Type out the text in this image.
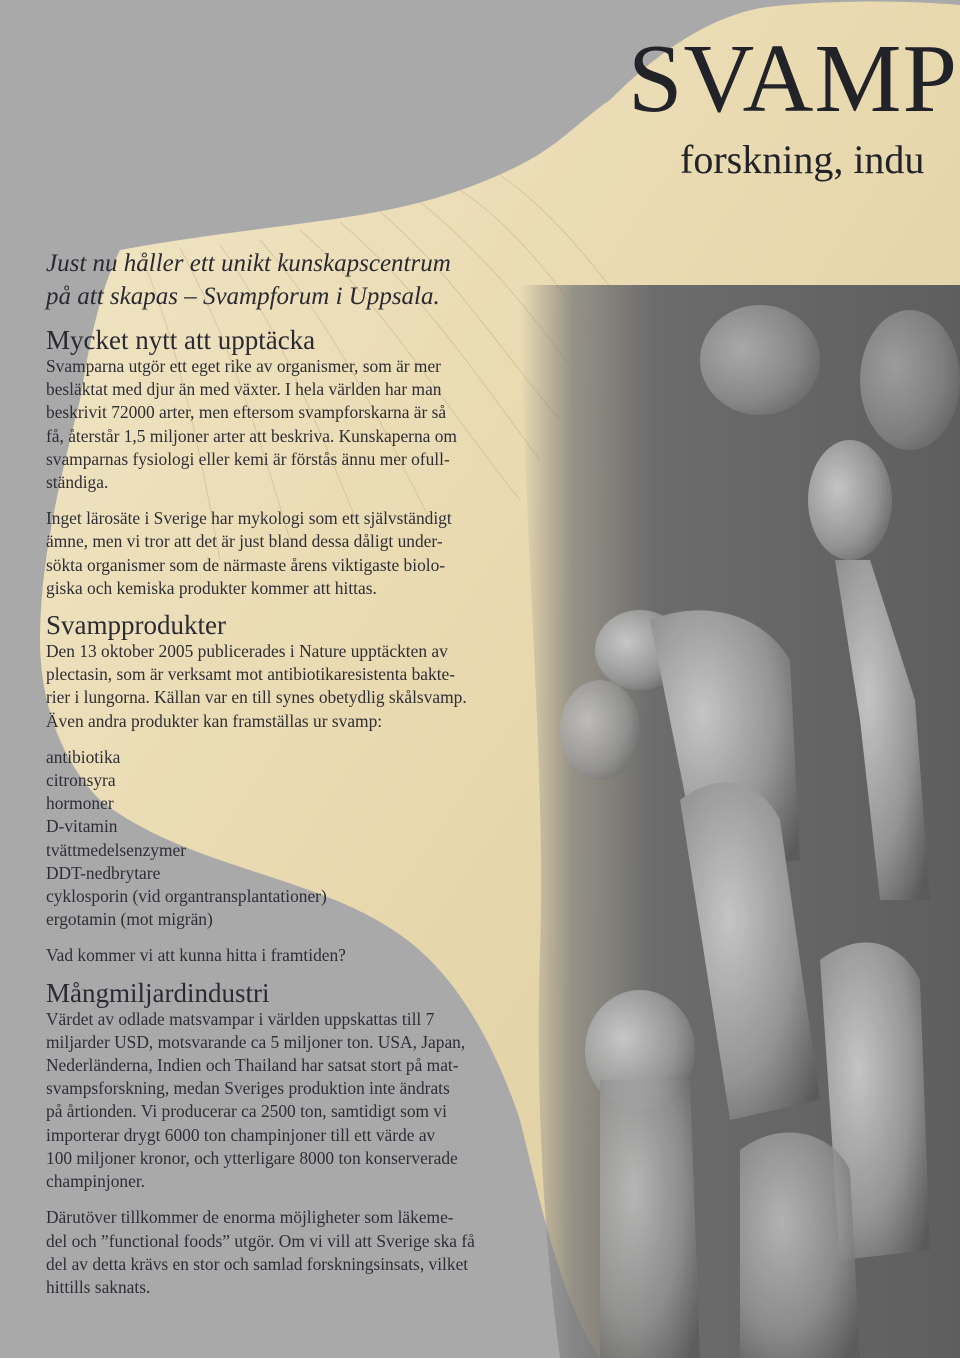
SVAMP
forskning, indu
Just nu håller ett unikt kunskapscentrum
på att skapas – Svampforum i Uppsala.
Mycket nytt att upptäcka

Svamparna utgör ett eget rike av organismer, som är mer
besläktat med djur än med växter. I hela världen har man
beskrivit 72000 arter, men eftersom svampforskarna är så
få, återstår 1,5 miljoner arter att beskriva. Kunskaperna om
svamparnas fysiologi eller kemi är förstås ännu mer ofull-
ständiga.

Inget lärosäte i Sverige har mykologi som ett självständigt
ämne, men vi tror att det är just bland dessa dåligt under-
sökta organismer som de närmaste årens viktigaste biolo-
giska och kemiska produkter kommer att hittas.

Svampprodukter

Den 13 oktober 2005 publicerades i Nature upptäckten av
plectasin, som är verksamt mot antibiotikaresistenta bakte-
rier i lungorna. Källan var en till synes obetydlig skålsvamp.
Även andra produkter kan framställas ur svamp:

antibiotika
citronsyra
hormoner
D-vitamin
tvättmedelsenzymer
DDT-nedbrytare
cyklosporin (vid organtransplantationer)
ergotamin (mot migrän)

Vad kommer vi att kunna hitta i framtiden?

Mångmiljardindustri

Värdet av odlade matsvampar i världen uppskattas till 7
miljarder USD, motsvarande ca 5 miljoner ton. USA, Japan,
Nederländerna, Indien och Thailand har satsat stort på mat-
svampsforskning, medan Sveriges produktion inte ändrats
på årtionden. Vi producerar ca 2500 ton, samtidigt som vi
importerar drygt 6000 ton champinjoner till ett värde av
100 miljoner kronor, och ytterligare 8000 ton konserverade
champinjoner.

Därutöver tillkommer de enorma möjligheter som läkeme-
del och ”functional foods” utgör. Om vi vill att Sverige ska få
del av detta krävs en stor och samlad forskningsinsats, vilket
hittills saknats.
